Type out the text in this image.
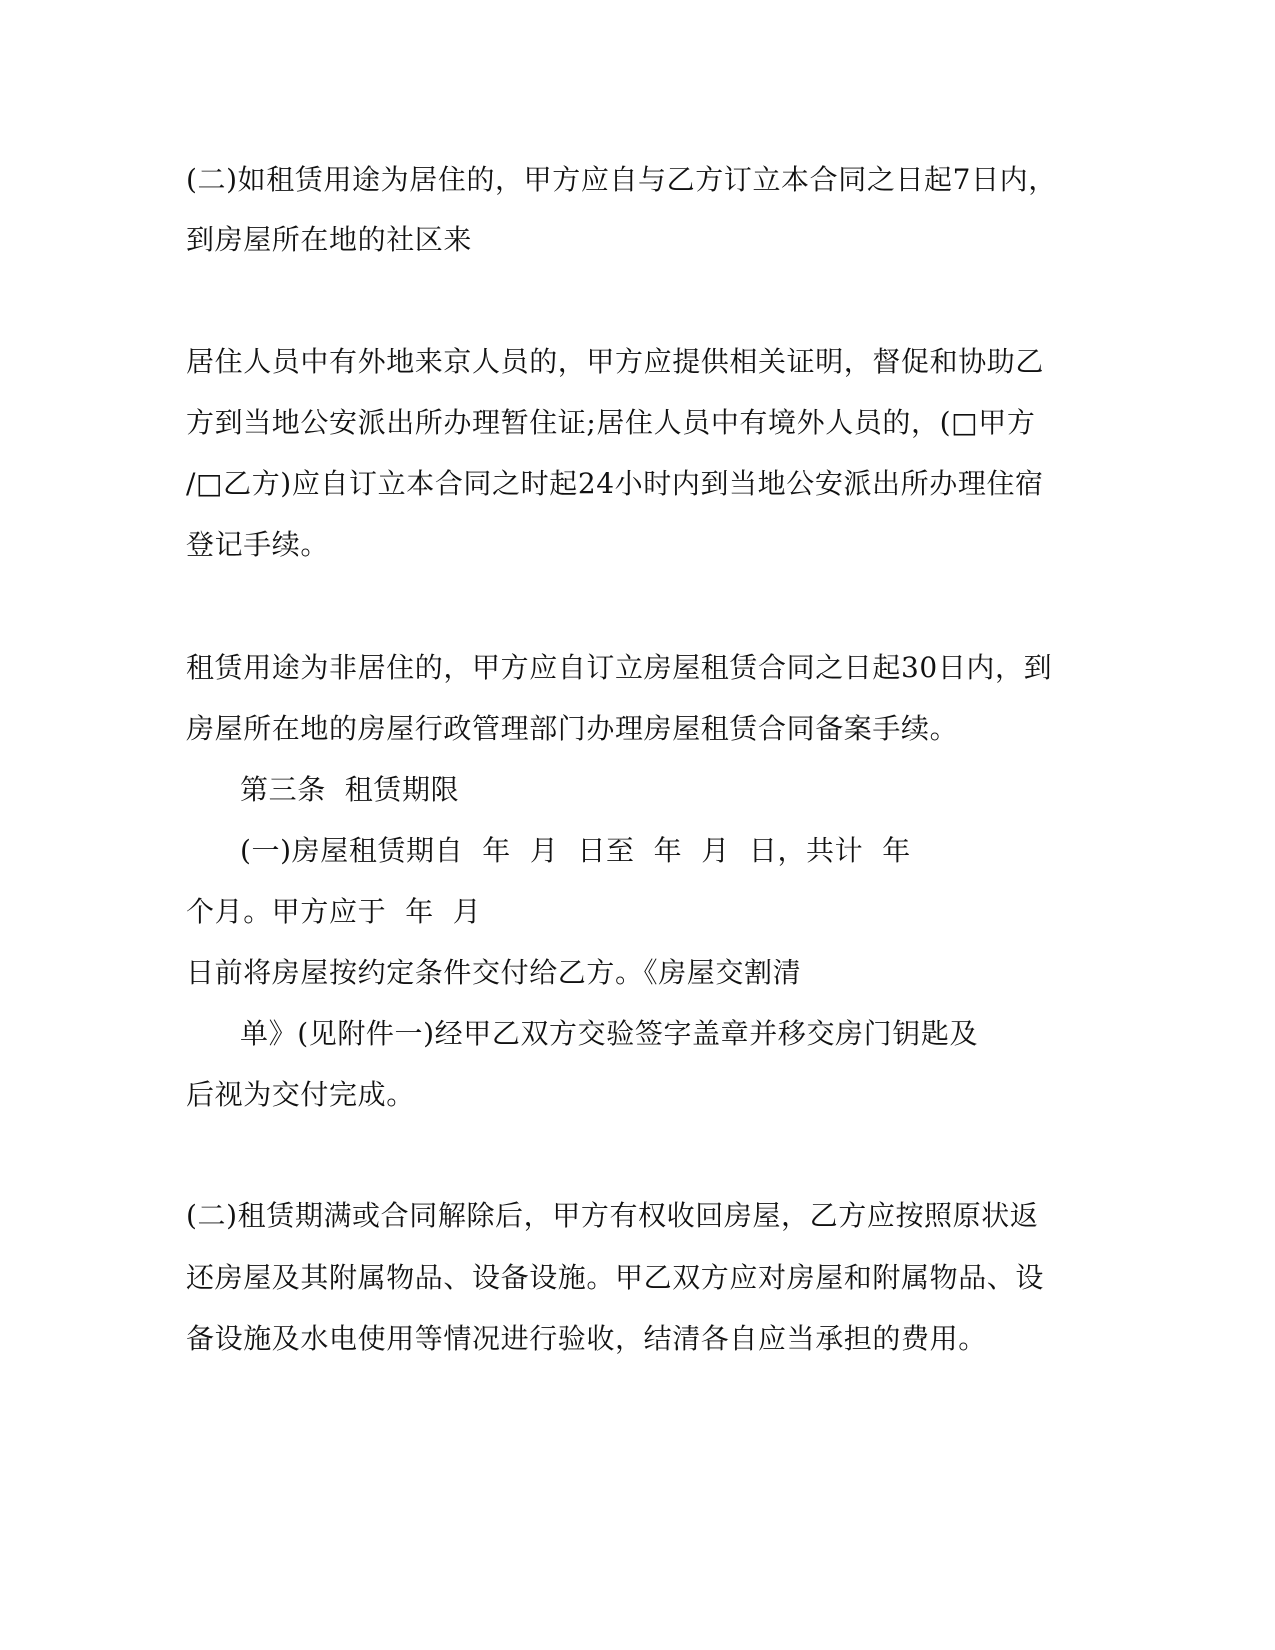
(二)如租赁用途为居住的，甲方应自与乙方订立本合同之日起7日内，
到房屋所在地的社区来
居住人员中有外地来京人员的，甲方应提供相关证明，督促和协助乙
方到当地公安派出所办理暂住证;居住人员中有境外人员的，(□甲方
/□乙方)应自订立本合同之时起24小时内到当地公安派出所办理住宿
登记手续。
租赁用途为非居住的，甲方应自订立房屋租赁合同之日起30日内，到
房屋所在地的房屋行政管理部门办理房屋租赁合同备案手续。
第三条  租赁期限
(一)房屋租赁期自  年  月  日至  年  月  日，共计  年
个月。甲方应于  年  月
日前将房屋按约定条件交付给乙方。《房屋交割清
单》(见附件一)经甲乙双方交验签字盖章并移交房门钥匙及
后视为交付完成。
(二)租赁期满或合同解除后，甲方有权收回房屋，乙方应按照原状返
还房屋及其附属物品、设备设施。甲乙双方应对房屋和附属物品、设
备设施及水电使用等情况进行验收，结清各自应当承担的费用。
